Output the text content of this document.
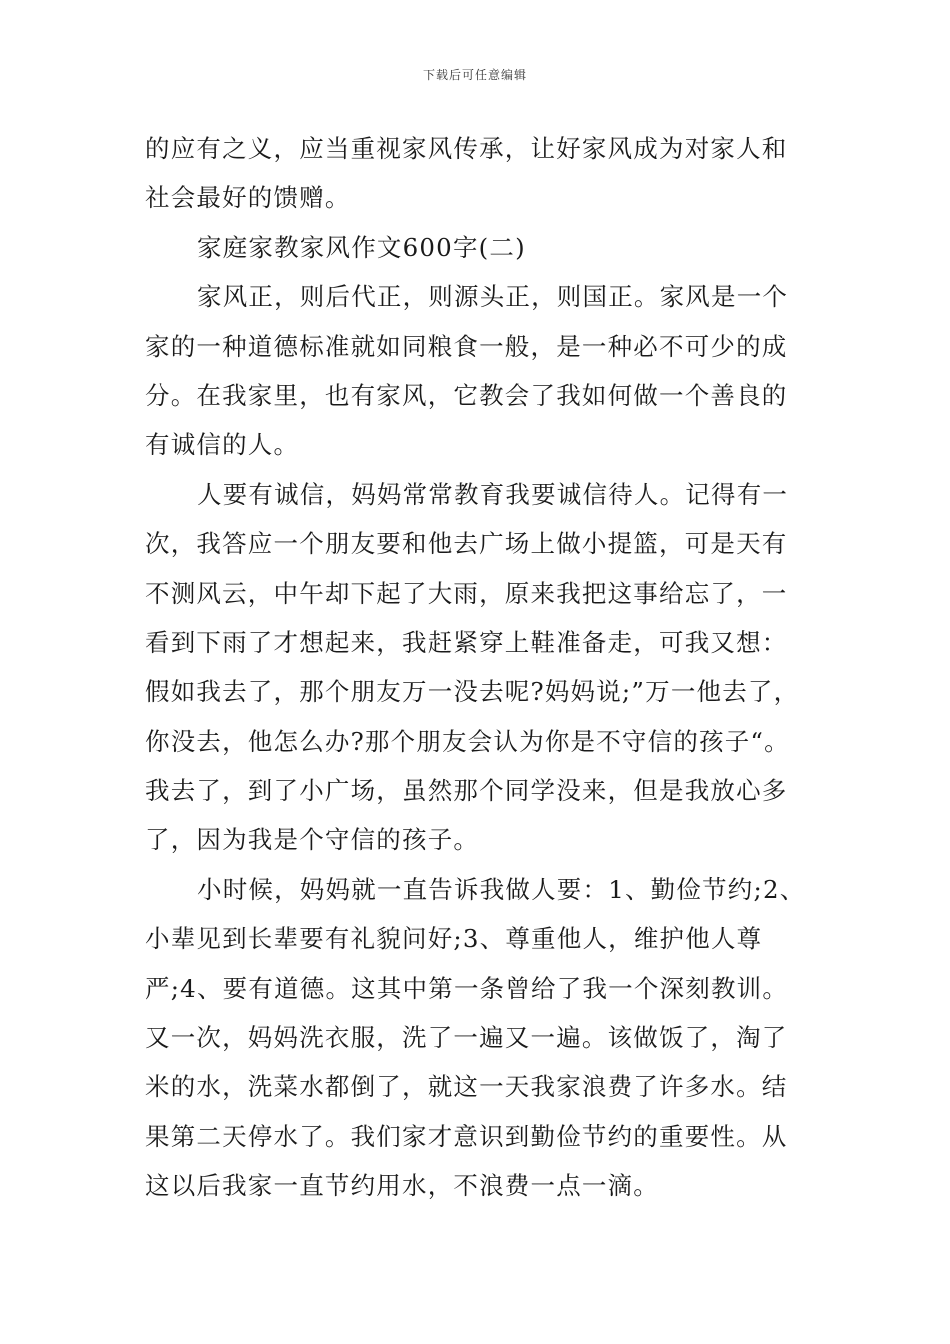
下载后可任意编辑
的应有之义，应当重视家风传承，让好家风成为对家人和
社会最好的馈赠。
家庭家教家风作文600字(二)
家风正，则后代正，则源头正，则国正。家风是一个
家的一种道德标准就如同粮食一般，是一种必不可少的成
分。在我家里，也有家风，它教会了我如何做一个善良的
有诚信的人。
人要有诚信，妈妈常常教育我要诚信待人。记得有一
次，我答应一个朋友要和他去广场上做小提篮，可是天有
不测风云，中午却下起了大雨，原来我把这事给忘了，一
看到下雨了才想起来，我赶紧穿上鞋准备走，可我又想：
假如我去了，那个朋友万一没去呢?妈妈说;”万一他去了，
你没去，他怎么办?那个朋友会认为你是不守信的孩子“。
我去了，到了小广场，虽然那个同学没来，但是我放心多
了，因为我是个守信的孩子。
小时候，妈妈就一直告诉我做人要：1、勤俭节约;2、
小辈见到长辈要有礼貌问好;3、尊重他人，维护他人尊
严;4、要有道德。这其中第一条曾给了我一个深刻教训。
又一次，妈妈洗衣服，洗了一遍又一遍。该做饭了，淘了
米的水，洗菜水都倒了，就这一天我家浪费了许多水。结
果第二天停水了。我们家才意识到勤俭节约的重要性。从
这以后我家一直节约用水，不浪费一点一滴。
